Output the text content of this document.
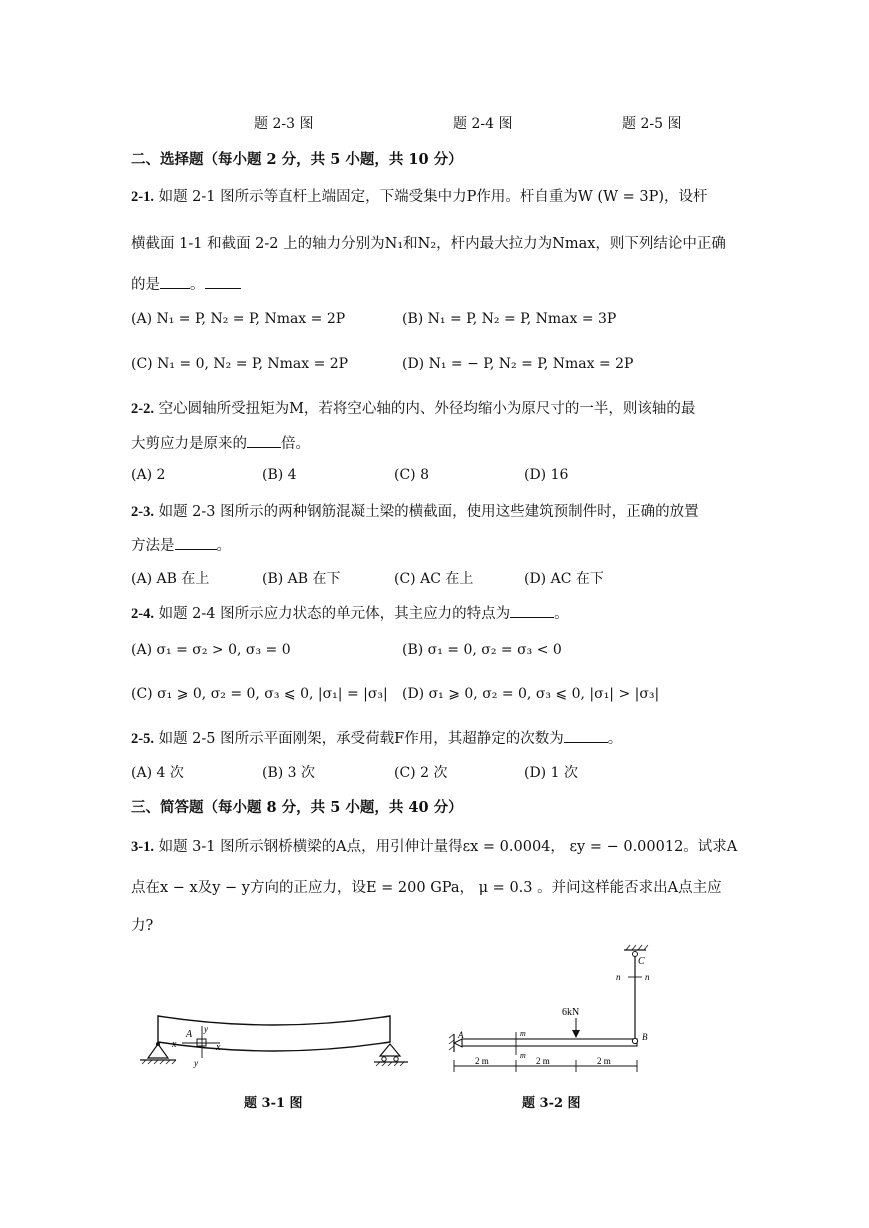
题 2-3 图	题 2-4 图	题 2-5 图
二、选择题（每小题 2 分，共 5 小题，共 10 分）
2-1. 如题 2-1 图所示等直杆上端固定，下端受集中力P作用。杆自重为W (W = 3P)，设杆
横截面 1-1 和截面 2-2 上的轴力分别为N₁和N₂，杆内最大拉力为Nmax，则下列结论中正确
的是 。
(A) N₁ = P, N₂ = P, Nmax = 2P	(B) N₁ = P, N₂ = P, Nmax = 3P
(C) N₁ = 0, N₂ = P, Nmax = 2P	(D) N₁ = − P, N₂ = P, Nmax = 2P
2-2. 空心圆轴所受扭矩为M，若将空心轴的内、外径均缩小为原尺寸的一半，则该轴的最
大剪应力是原来的 倍。
(A) 2	(B) 4	(C) 8	(D) 16
2-3. 如题 2-3 图所示的两种钢筋混凝土梁的横截面，使用这些建筑预制件时，正确的放置
方法是	。
(A) AB 在上	(B) AB 在下	(C) AC 在上	(D) AC 在下
2-4. 如题 2-4 图所示应力状态的单元体，其主应力的特点为	。
(A) σ₁ = σ₂ > 0, σ₃ = 0	(B) σ₁ = 0, σ₂ = σ₃ < 0
(C) σ₁ ⩾ 0, σ₂ = 0, σ₃ ⩽ 0, |σ₁| = |σ₃| (D) σ₁ ⩾ 0, σ₂ = 0, σ₃ ⩽ 0, |σ₁| > |σ₃|
2-5. 如题 2-5 图所示平面刚架，承受荷载F作用，其超静定的次数为	。
(A) 4 次	(B) 3 次	(C) 2 次	(D) 1 次
三、简答题（每小题 8 分，共 5 小题，共 40 分）
3-1. 如题 3-1 图所示钢桥横梁的A点，用引伸计量得εx = 0.0004， εy = − 0.00012。试求A
点在x − x及y − y方向的正应力，设E = 200 GPa， μ = 0.3 。并问这样能否求出A点主应
力?
A y
x	x
y
题 3-1 图
C
n	n
A	B
m
m
6kN
2 m	2 m	2 m
题 3-2 图
